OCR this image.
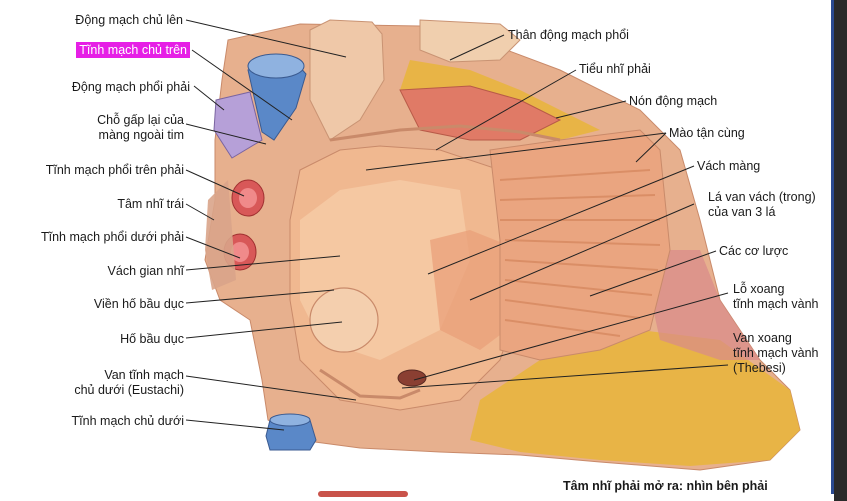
Động mạch chủ lên
Tĩnh mạch chủ trên
Động mạch phổi phải
Chỗ gấp lại của
màng ngoài tim
Tĩnh mạch phổi trên phải
Tâm nhĩ trái
Tĩnh mạch phổi dưới phải
Vách gian nhĩ
Viền hố bầu dục
Hố bầu dục
Van tĩnh mạch
chủ dưới (Eustachi)
Tĩnh mạch chủ dưới
Thân động mạch phổi
Tiểu nhĩ phải
Nón động mạch
Mào tận cùng
Vách màng
Lá van vách (trong)
của van 3 lá
Các cơ lược
Lỗ xoang
tĩnh mạch vành
Van xoang
tĩnh mạch vành
(Thebesi)
Tâm nhĩ phải mở ra: nhìn bên phải
